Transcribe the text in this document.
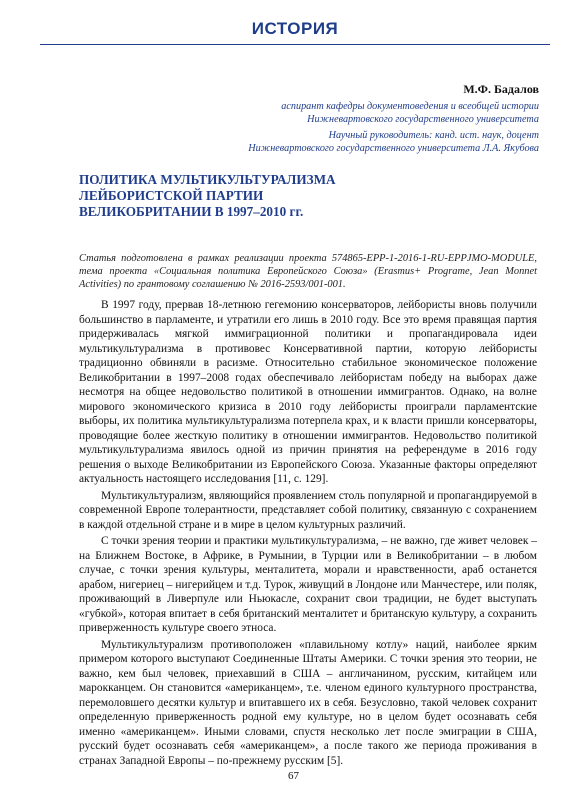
ИСТОРИЯ
М.Ф. Бадалов
аспирант кафедры документоведения и всеобщей истории
Нижневартовского государственного университета
Научный руководитель: канд. ист. наук, доцент
Нижневартовского государственного университета Л.А. Якубова
ПОЛИТИКА МУЛЬТИКУЛЬТУРАЛИЗМА
ЛЕЙБОРИСТСКОЙ ПАРТИИ
ВЕЛИКОБРИТАНИИ В 1997–2010 гг.
Статья подготовлена в рамках реализации проекта 574865-EPP-1-2016-1-RU-EPPJMO-MODULE, тема проекта «Социальная политика Европейского Союза» (Erasmus+ Programe, Jean Monnet Activities) по грантовому соглашению № 2016-2593/001-001.

В 1997 году, прервав 18-летнюю гегемонию консерваторов, лейбористы вновь получили большинство в парламенте, и утратили его лишь в 2010 году. Все это время правящая партия придерживалась мягкой иммиграционной политики и пропагандировала идеи мультикультурализма в противовес Консервативной партии, которую лейбористы традиционно обвиняли в расизме. Относительно стабильное экономическое положение Великобритании в 1997–2008 годах обеспечивало лейбористам победу на выборах даже несмотря на общее недовольство политикой в отношении иммигрантов. Однако, на волне мирового экономического кризиса в 2010 году лейбористы проиграли парламентские выборы, их политика мультикультурализма потерпела крах, и к власти пришли консерваторы, проводящие более жесткую политику в отношении иммигрантов. Недовольство политикой мультикультурализма явилось одной из причин принятия на референдуме в 2016 году решения о выходе Великобритании из Европейского Союза. Указанные факторы определяют актуальность настоящего исследования [11, с. 129].

Мультикультурализм, являющийся проявлением столь популярной и пропагандируемой в современной Европе толерантности, представляет собой политику, связанную с сохранением в каждой отдельной стране и в мире в целом культурных различий.

С точки зрения теории и практики мультикультурализма, – не важно, где живет человек – на Ближнем Востоке, в Африке, в Румынии, в Турции или в Великобритании – в любом случае, с точки зрения культуры, менталитета, морали и нравственности, араб останется арабом, нигериец – нигерийцем и т.д. Турок, живущий в Лондоне или Манчестере, или поляк, проживающий в Ливерпуле или Ньюкасле, сохранит свои традиции, не будет выступать «губкой», которая впитает в себя британский менталитет и британскую культуру, а сохранить приверженность культуре своего этноса.

Мультикультурализм противоположен «плавильному котлу» наций, наиболее ярким примером которого выступают Соединенные Штаты Америки. С точки зрения это теории, не важно, кем был человек, приехавший в США – англичанином, русским, китайцем или марокканцем. Он становится «американцем», т.е. членом единого культурного пространства, перемоловшего десятки культур и впитавшего их в себя. Безусловно, такой человек сохранит определенную приверженность родной ему культуре, но в целом будет осознавать себя именно «американцем». Иными словами, спустя несколько лет после эмиграции в США, русский будет осознавать себя «американцем», а после такого же периода проживания в странах Западной Европы – по-прежнему русским [5].

67
